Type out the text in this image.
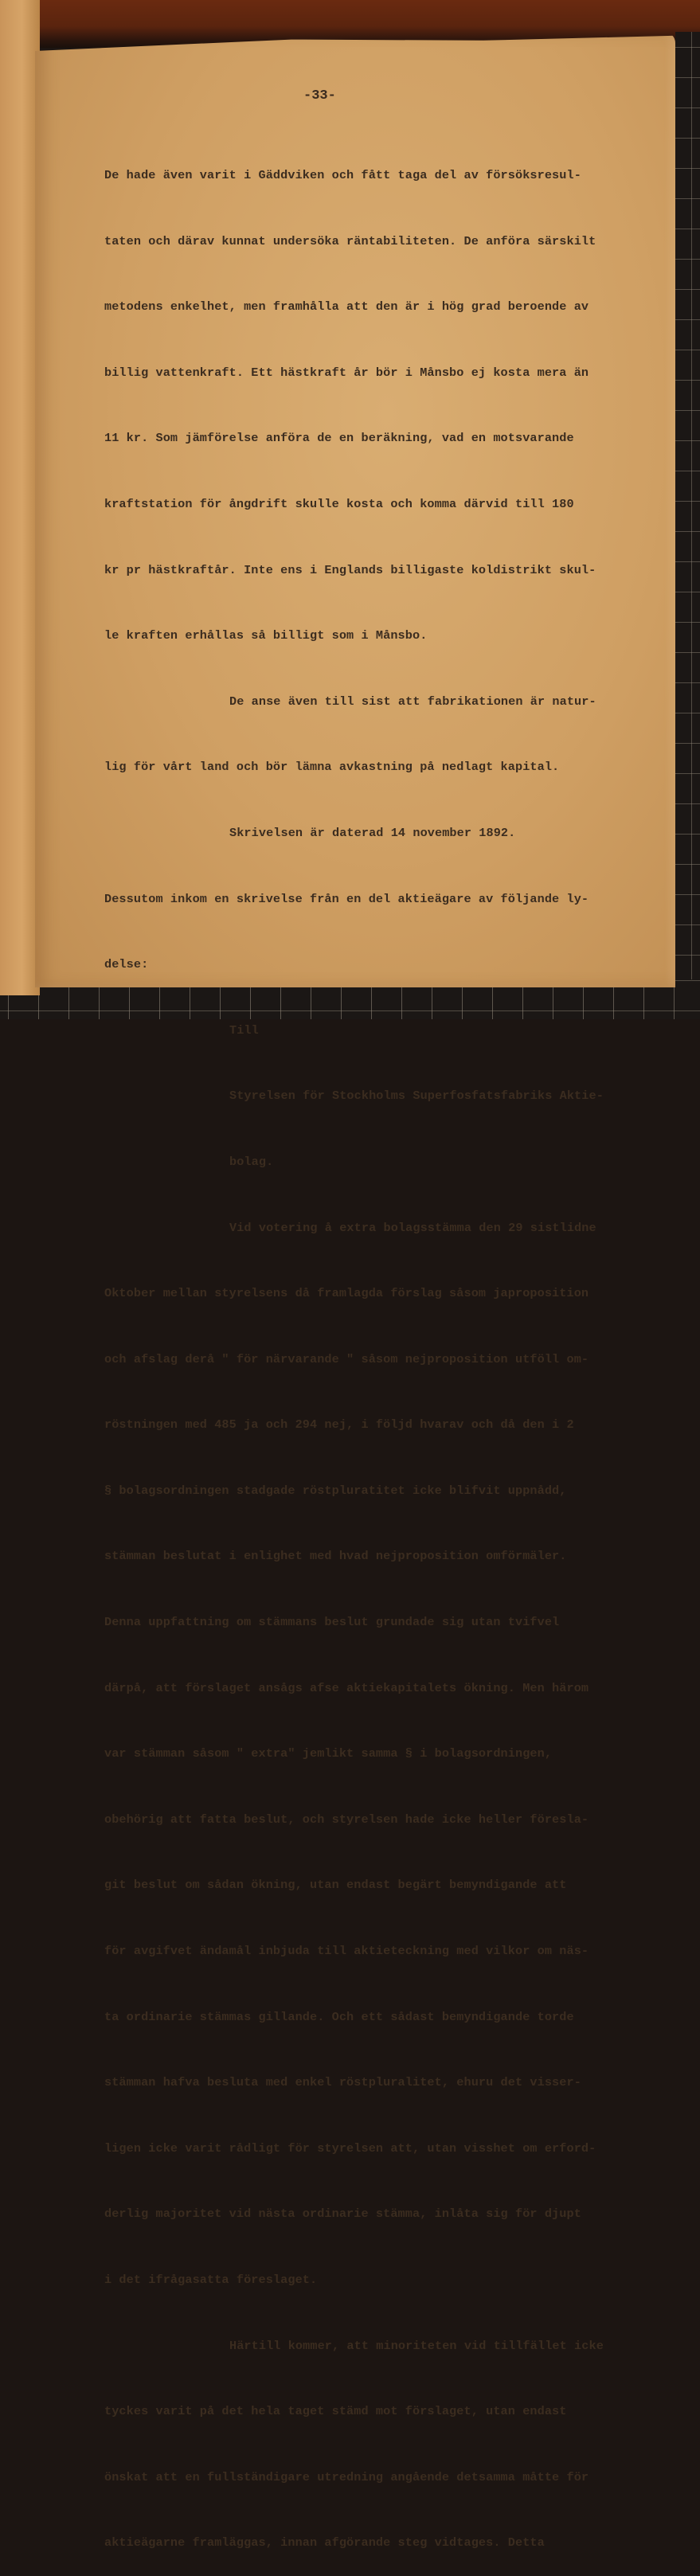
-33-

De hade även varit i Gäddviken och fått taga del av försöksresul-

taten och därav kunnat undersöka räntabiliteten. De anföra särskilt

metodens enkelhet, men framhålla att den är i hög grad beroende av

billig vattenkraft. Ett hästkraft år bör i Månsbo ej kosta mera än

11 kr. Som jämförelse anföra de en beräkning, vad en motsvarande

kraftstation för ångdrift skulle kosta och komma därvid till 180

kr pr hästkraftår. Inte ens i Englands billigaste koldistrikt skul-

le kraften erhållas så billigt som i Månsbo.

De anse även till sist att fabrikationen är natur-

lig för vårt land och bör lämna avkastning på nedlagt kapital.

Skrivelsen är daterad 14 november 1892.

Dessutom inkom en skrivelse från en del aktieägare av följande ly-

delse:

Till

Styrelsen för Stockholms Superfosfatsfabriks Aktie-

bolag.

Vid votering å extra bolagsstämma den 29 sistlidne

Oktober mellan styrelsens då framlagda förslag såsom japroposition

och afslag derå " för närvarande " såsom nejproposition utföll om-

röstningen med 485 ja och 294 nej, i följd hvarav och då den i 2

§ bolagsordningen stadgade röstpluratitet icke blifvit uppnådd,

stämman beslutat i enlighet med hvad nejproposition omförmäler.

Denna uppfattning om stämmans beslut grundade sig utan tvifvel

därpå, att förslaget ansågs afse aktiekapitalets ökning. Men härom

var stämman såsom " extra" jemlikt samma § i bolagsordningen,

obehörig att fatta beslut, och styrelsen hade icke heller föresla-

git beslut om sådan ökning, utan endast begärt bemyndigande att

för avgifvet ändamål inbjuda till aktieteckning med vilkor om näs-

ta ordinarie stämmas gillande. Och ett sådast bemyndigande torde

stämman hafva besluta med enkel röstpluralitet, ehuru det visser-

ligen icke varit rådligt för styrelsen att, utan visshet om erford-

derlig majoritet vid nästa ordinarie stämma, inlåta sig för djupt

i det ifrågasatta föreslaget.

Härtill kommer, att minoriteten vid tillfället icke

tyckes varit på det hela taget stämd mot förslaget, utan endast

önskat att en fullständigare utredning angående detsamma måtte för

aktieägarne framläggas, innan afgörande steg vidtages. Detta
